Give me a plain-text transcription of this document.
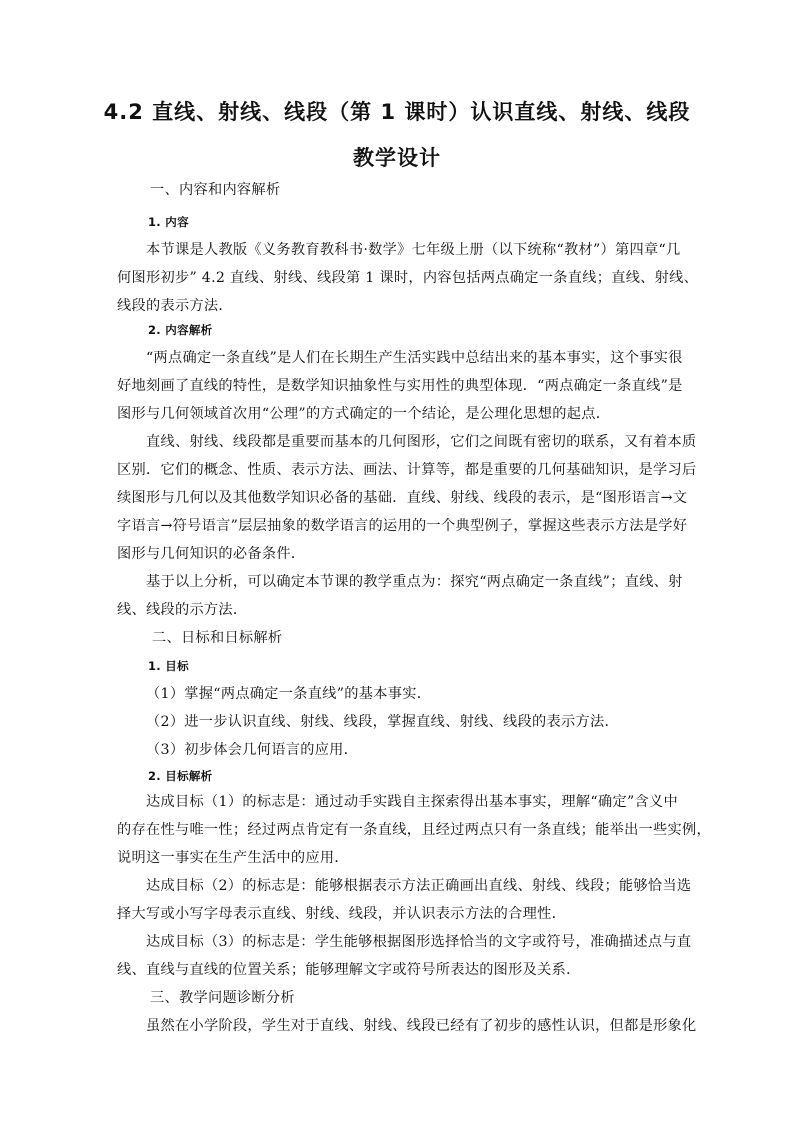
4.2 直线、射线、线段（第 1 课时）认识直线、射线、线段
教学设计
一、内容和内容解析
1. 内容
本节课是人教版《义务教育教科书·数学》七年级上册（以下统称“教材”）第四章“几
何图形初步” 4.2 直线、射线、线段第 1 课时，内容包括两点确定一条直线；直线、射线、
线段的表示方法．
2. 内容解析
“两点确定一条直线”是人们在长期生产生活实践中总结出来的基本事实，这个事实很
好地刻画了直线的特性，是数学知识抽象性与实用性的典型体现．“两点确定一条直线”是
图形与几何领域首次用“公理”的方式确定的一个结论，是公理化思想的起点．
直线、射线、线段都是重要而基本的几何图形，它们之间既有密切的联系，又有着本质
区别．它们的概念、性质、表示方法、画法、计算等，都是重要的几何基础知识，是学习后
续图形与几何以及其他数学知识必备的基础．直线、射线、线段的表示，是“图形语言→文
字语言→符号语言”层层抽象的数学语言的运用的一个典型例子，掌握这些表示方法是学好
图形与几何知识的必备条件．
基于以上分析，可以确定本节课的教学重点为：探究“两点确定一条直线”；直线、射
线、线段的示方法．
二、日标和日标解析
1. 目标
（1）掌握“两点确定一条直线”的基本事实．
（2）进一步认识直线、射线、线段，掌握直线、射线、线段的表示方法．
（3）初步体会几何语言的应用．
2. 目标解析
达成目标（1）的标志是：通过动手实践自主探索得出基本事实，理解“确定”含义中
的存在性与唯一性；经过两点肯定有一条直线，且经过两点只有一条直线；能举出一些实例，
说明这一事实在生产生活中的应用．
达成目标（2）的标志是：能够根据表示方法正确画出直线、射线、线段；能够恰当选
择大写或小写字母表示直线、射线、线段，并认识表示方法的合理性．
达成目标（3）的标志是：学生能够根据图形选择恰当的文字或符号，准确描述点与直
线、直线与直线的位置关系；能够理解文字或符号所表达的图形及关系．
三、教学问题诊断分析
虽然在小学阶段，学生对于直线、射线、线段已经有了初步的感性认识，但都是形象化
